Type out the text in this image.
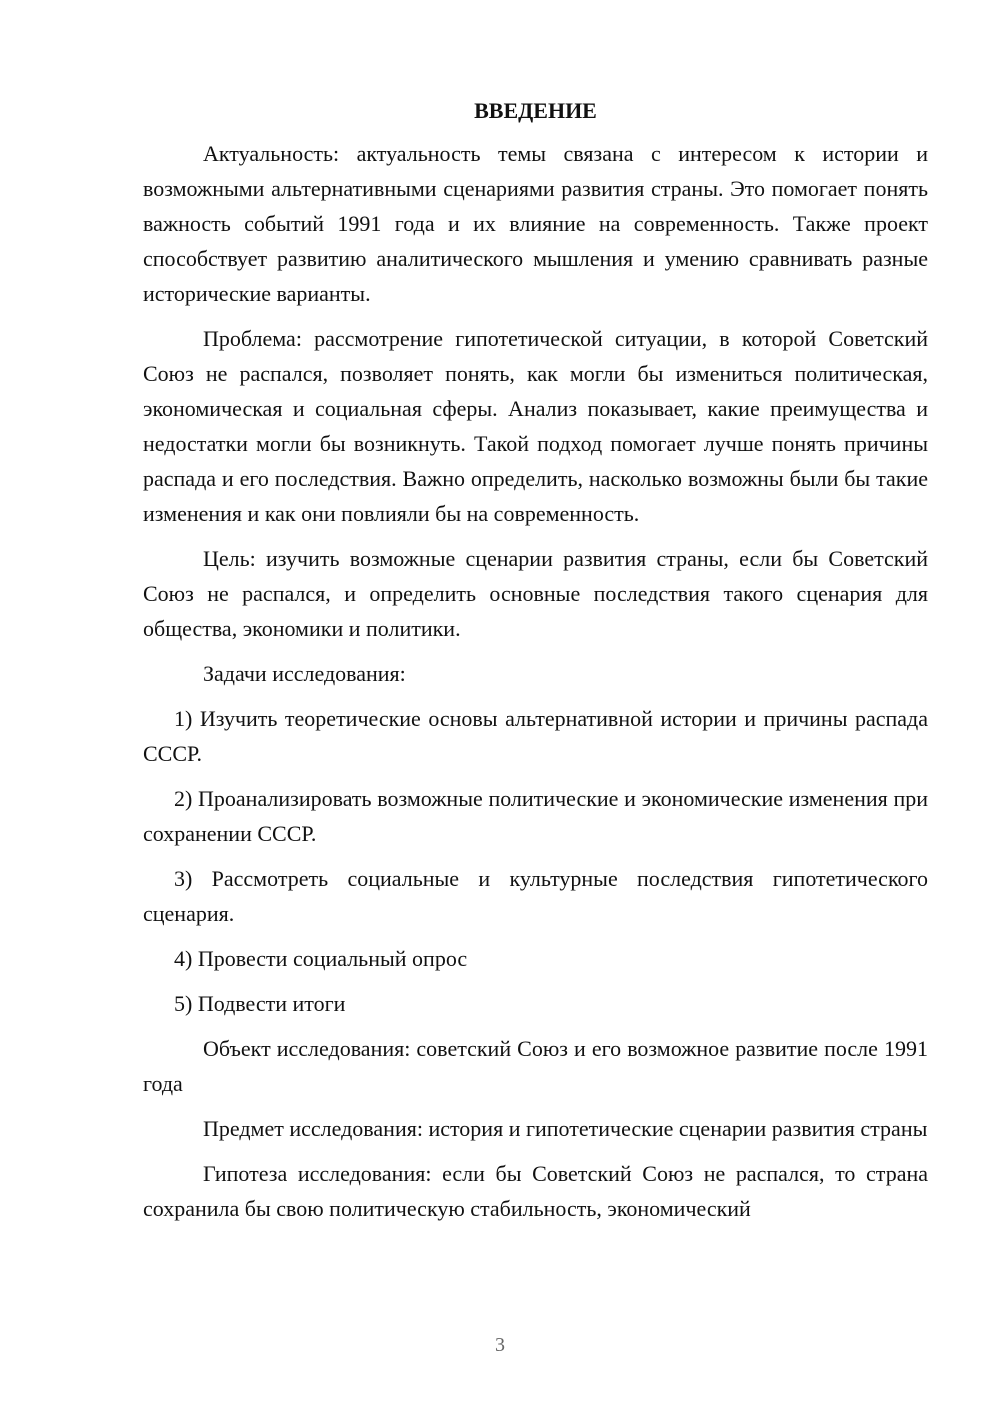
ВВЕДЕНИЕ

Актуальность: актуальность темы связана с интересом к истории и возможными альтернативными сценариями развития страны. Это помогает понять важность событий 1991 года и их влияние на современность. Также проект способствует развитию аналитического мышления и умению сравнивать разные исторические варианты.

Проблема: рассмотрение гипотетической ситуации, в которой Советский Союз не распался, позволяет понять, как могли бы измениться политическая, экономическая и социальная сферы. Анализ показывает, какие преимущества и недостатки могли бы возникнуть. Такой подход помогает лучше понять причины распада и его последствия. Важно определить, насколько возможны были бы такие изменения и как они повлияли бы на современность.

Цель: изучить возможные сценарии развития страны, если бы Советский Союз не распался, и определить основные последствия такого сценария для общества, экономики и политики.

Задачи исследования:

1) Изучить теоретические основы альтернативной истории и причины распада СССР.

2) Проанализировать возможные политические и экономические изменения при сохранении СССР.

3) Рассмотреть социальные и культурные последствия гипотетического сценария.

4) Провести социальный опрос

5) Подвести итоги

Объект исследования: советский Союз и его возможное развитие после 1991 года

Предмет исследования: история и гипотетические сценарии развития страны

Гипотеза исследования: если бы Советский Союз не распался, то страна сохранила бы свою политическую стабильность, экономический

3
